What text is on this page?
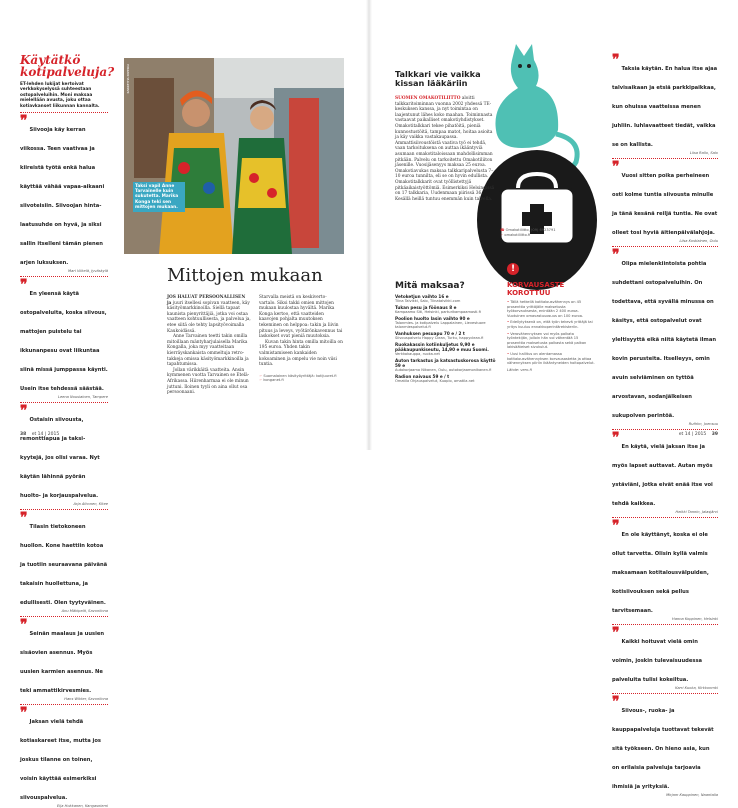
Käytätkö kotipalveluja?
ET-lehden lukijat kertoivat verkkokyselyssä suhteestaan ostopalveluihin. Moni maksaa mielellään avusta, joku ottaa kotiavkanset liikunnan kannalta.
❞Siivooja käy kerran viikossa. Teen vaativaa ja kiireistä työtä enkä halua käyttää vähää vapaa-aikaani siivoteisiin. Siivoojan hinta-laatusuhde on hyvä, ja siksi sallin itselleni tämän pienen arjen luksuksen.
Mari Viikelä, Jyväskylä
❞En yleensä käytä ostopalveluita, koska siivous, mattojen puistelu tai ikkunanpesu ovat liikuntaa siinä missä jumppassa käynti. Usein itse tehdessä säästää.
Leena Nousiainen, Tampere
❞Ostaisin siivousta, remonttiapua ja taksi-kyytejä, jos olisi varaa. Nyt käytän lähinnä pyörän huolto- ja korjauspalvelua.
Arja Aihonen, Kitee
❞Tilasin tietokoneen huollon. Kone haettiin kotoa ja tuotiin seuraavana päivänä takaisin huollettuna, ja edullisesti. Olen tyytyväinen.
Anu Mäkipelä, Savonlinna
❞Seinän maalaus ja uusien sisäovien asennus. Myös uusien karmien asennus. Ne teki ammattikirvesmies.
Hans Wikter, Savonlinna
❞Jaksan vielä tehdä kotiaskareet itse, mutta jos joskus tilanne on toinen, voisin käyttää esimerkiksi siivouspalvelua.
Eija Hokkanen, Kangasniemi
KARKEYHA PAPERIA
Taksi vapil Anne Tarvainelle kuin sukutetta. Marika Konga teki sen mittojen mukaan.
Mittojen mukaan
JOS HALUAT PERSOONALLISEN ja juuri itsellesi sopivan vaatteen, käy käsityömarkkinoilla. Siellä tapaat kaunista pienyrittäjiä, jotka voi ostaa vaatteen kohtuullisesta, ja palvelua ja, etee siitä ole tehty lapsityövoimalla Kaukoidässä.
Anne Tarvainen teetti takin omilla mitoillaan mäntyharjulaisella Marika Kongalla, joka myy vaatteitaan kierräyskankaista ommeltuja retro-takkeja omissa käsityömarkkinoilla ja tapahtumissa.
Jollan värikkäitä vaatteita. Ansin kymmenen vuotta Tarvainen se Etelä-Afrikassa. Hiirenharmaa ei ole minun juttuni. Iloinen tyyli on aina ollut osa persoonaani.
Starvalla meistä on keskiverto-vartalo. Siksi takki omien mittojen mukaan kuulostaa hyvältä. Marika Konga kertoo, että vaatteiden kaavojen pohjalta muutoksen tekeminen on helppoa: takin ja liivin pituus ja leveys, vyötärönkavennus tai laskokset ovat pieniä muutoksia.
Kuvan takin hinta omilla mitoilla on 195 euroa. Yhden takin valmistamiseen kankaiden kokoaminen ja ompelu vie noin viisi tuntia.
☞ Suomalainen käsityöyrittäjä: kotijuuret.fi
☞ konganet.fi
Talkkari vie vaikka kissan lääkäriin
SUOMEN OMAKOTILIITTO aloitti talkkaritoiminnan vuonna 2002 yhdessä TE-keskuksen kanssa, ja nyt toimintaa on laajentunut lähes koko maahan. Toiminnasta vastaavat paikalliset omakotiyhdistykset. Omakotitalkkari tekee pihatöitä, pieniä kunnostustöitä, tampaa matot, hoitaa asioita ja käy vaikka vastakaupassa. Ammattisiivoustöistä vaativa työ ei tehdä, vaan tarkoituksena on auttaa ikääntyviä asumaan omakotitaloissaan mahdollisimman pitkään. Palvelu on tarkoitettu Omakotiliiton jäsenille. Vuosijäsenyys maksaa 25 euroa. Omakotiavukas maksaa talkkaripalvelusta 7–10 euroa tunnilta, eli se on hyvin edullista. Omakotitalkkarit ovat työllistettyjä pitkäaikaistyöttömiä. Esimerkiksi Helsingissä on 17 talkkaria, Uudenmaan piirissä 36. Kesällä heillä tuntuu enemmän kuin talvella.
☎ Omakotiliitto, (09) 6923791
☞ omakotiliitto.fi
!
Mitä maksaa?
Vetoketjun vaihto 16 e
Tiina Talvikki, Salo, Tiinatalvikki.com
Tukan pesu ja föönaus 8 e
Kampaamo Siti, Helsinki, parturikampaamosti.fi
Poolion huolto lasin vaihto 90 e
Talonmies- ja kotipalvelu Lappalainen, Lievestuore talonmiespalvelut.fi
Vanhuksen pesuapu 70 e / 2 t
Siivouspalvelu Happy Clean, Turku, happyclean.fi
Ruokakassin kotiinkuljetus 9,90 e pääkaupunkiseutu, 14,90 e muu Suomi.
Verkkokauppa, ruoka.net
Auton tarkastus ja katsastuskorosa käyttö 59 e
Autokorjaamo Nikanen, Oulu, autokorjaamonikanen.fi
Radion naivaus 59 e / t
Omatila Ohjauspalvelut, Kuopio, omatila.net
KORVAUSASTE KOROTTUU
• Tällä hetkellä kotitalousvähennys on 45 prosenttia yrittäjälle maksetusta työkorvauksesta, enintään 2 400 euroa. Vuotuinen omavastuuosuus on 100 euroa.
• Edellytyksenä on, että työn tekevä yrittäjä tai yritys kuuluu ennakkoperintärekisteriin.
• Verovähennyksen voi myös palkata työntekijän, jolloin hän voi vähentää 15 prosenttia maksetusta palkasta sekä palkan lakisääteiset sivukulut.
• Uusi hallitus on alentamassa kotitalousvähennyksen korvausastetta ja ottaa vähennyksen piiriin ikääntyneiden hoitopalvelut.
Lähde: vero.fi
❞Taksia käytän. En halua itse ajaa talvisaikaan ja etsiä parkkipaikkaa, kun ohuissa vaatteissa menen juhliin. Iuhlavaatteet tiedät, vaikka se on kallista.
Liisa Rallo, Salo
❞Vuosi sitten poika perheineen osti kolme tuntia siivousta minulle ja tänä kesänä reiljä tuntia. Ne ovat olleet tosi hyviä äitienpäivälahjoja.
Liisa Kostiainen, Oulu
❞Olipa mielenkiintoista pohtia suhdettani ostopalveluihin. On todettava, että syvällä minussa on käsitys, että ostopalvelut ovat yleltisyyttä eikä niitä käytetä ilman kovin perusteita. Itselleyys, omin avuin selviäminen on tyttöä arvostavan, sodanjälkeisen sukupolven perintöä.
Ruthkn, Joensuu
❞En käytä, vielä jaksan itse ja myös lapset auttavat. Autan myös ystäviäni, jotka eivät enää itse voi tehdä kaikkea.
Heikki Tannin, Jalasjärvi
❞En ole käyttänyt, koska ei ole ollut tarvetta. Olisin kyllä valmis maksamaan kotitalousvälpuiden, kotisiivouksen sekä pellus tarvitsemaan.
Hanna Koppinen, Helsinki
❞Kaikki hoituvat vielä omin voimin, joskin tulevaisuudessa palveluita tulisi kokeiltua.
Karri Kuoka, Kirkkonmki
❞Siivous-, ruoka- ja kauppapalveluja tuottavat tekevät sitä työkseen. On hieno asia, kun on erilaisia palveluja tarjoavia ihmisiä ja yrityksiä.
Mirjam Kauppinen, Naantalia
38 et 14 | 2015	et 14 | 2015 39
